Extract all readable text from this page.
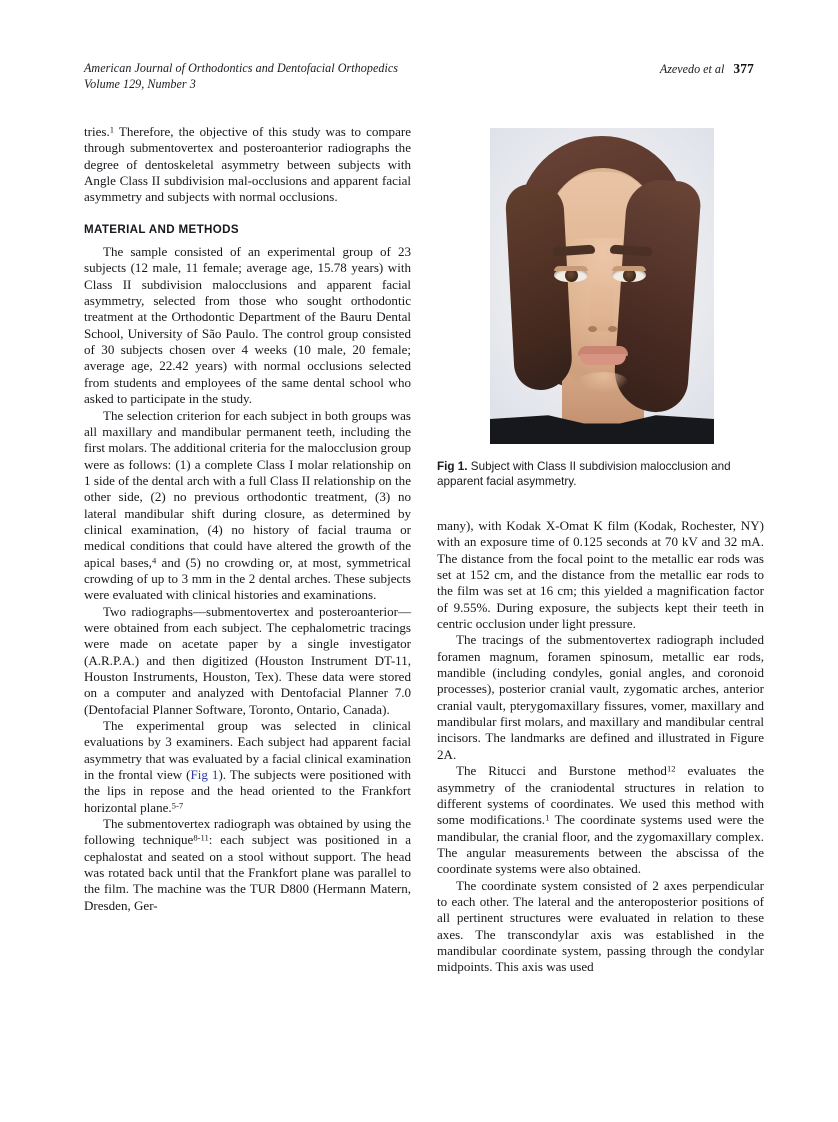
American Journal of Orthodontics and Dentofacial Orthopedics
Volume 129, Number 3
Azevedo et al 377

tries.$^1$ Therefore, the objective of this study was to compare through submentovertex and posteroanterior radiographs the degree of dentoskeletal asymmetry between subjects with Angle Class II subdivision mal-occlusions and apparent facial asymmetry and subjects with normal occlusions.

MATERIAL AND METHODS

The sample consisted of an experimental group of 23 subjects (12 male, 11 female; average age, 15.78 years) with Class II subdivision malocclusions and apparent facial asymmetry, selected from those who sought orthodontic treatment at the Orthodontic Department of the Bauru Dental School, University of São Paulo. The control group consisted of 30 subjects chosen over 4 weeks (10 male, 20 female; average age, 22.42 years) with normal occlusions selected from students and employees of the same dental school who asked to participate in the study.

The selection criterion for each subject in both groups was all maxillary and mandibular permanent teeth, including the first molars. The additional criteria for the malocclusion group were as follows: (1) a complete Class I molar relationship on 1 side of the dental arch with a full Class II relationship on the other side, (2) no previous orthodontic treatment, (3) no lateral mandibular shift during closure, as determined by clinical examination, (4) no history of facial trauma or medical conditions that could have altered the growth of the apical bases,$^4$ and (5) no crowding or, at most, symmetrical crowding of up to 3 mm in the 2 dental arches. These subjects were evaluated with clinical histories and examinations.

Two radiographs—submentovertex and posteroanterior—were obtained from each subject. The cephalometric tracings were made on acetate paper by a single investigator (A.R.P.A.) and then digitized (Houston Instrument DT-11, Houston Instruments, Houston, Tex). These data were stored on a computer and analyzed with Dentofacial Planner 7.0 (Dentofacial Planner Software, Toronto, Ontario, Canada).

The experimental group was selected in clinical evaluations by 3 examiners. Each subject had apparent facial asymmetry that was evaluated by a facial clinical examination in the frontal view (Fig 1). The subjects were positioned with the lips in repose and the head oriented to the Frankfort horizontal plane.$^{5-7}$

The submentovertex radiograph was obtained by using the following technique$^{8-11}$: each subject was positioned in a cephalostat and seated on a stool without support. The head was rotated back until that the Frankfort plane was parallel to the film. The machine was the TUR D800 (Hermann Matern, Dresden, Ger-

Fig 1. Subject with Class II subdivision malocclusion and apparent facial asymmetry.

many), with Kodak X-Omat K film (Kodak, Rochester, NY) with an exposure time of 0.125 seconds at 70 kV and 32 mA. The distance from the focal point to the metallic ear rods was set at 152 cm, and the distance from the metallic ear rods to the film was set at 16 cm; this yielded a magnification factor of 9.55%. During exposure, the subjects kept their teeth in centric occlusion under light pressure.

The tracings of the submentovertex radiograph included foramen magnum, foramen spinosum, metallic ear rods, mandible (including condyles, gonial angles, and coronoid processes), posterior cranial vault, zygomatic arches, anterior cranial vault, pterygomaxillary fissures, vomer, maxillary and mandibular first molars, and maxillary and mandibular central incisors. The landmarks are defined and illustrated in Figure 2A.

The Ritucci and Burstone method$^{12}$ evaluates the asymmetry of the craniodental structures in relation to different systems of coordinates. We used this method with some modifications.$^1$ The coordinate systems used were the mandibular, the cranial floor, and the zygomaxillary complex. The angular measurements between the abscissa of the coordinate systems were also obtained.

The coordinate system consisted of 2 axes perpendicular to each other. The lateral and the anteroposterior positions of all pertinent structures were evaluated in relation to these axes. The transcondylar axis was established in the mandibular coordinate system, passing through the condylar midpoints. This axis was used
